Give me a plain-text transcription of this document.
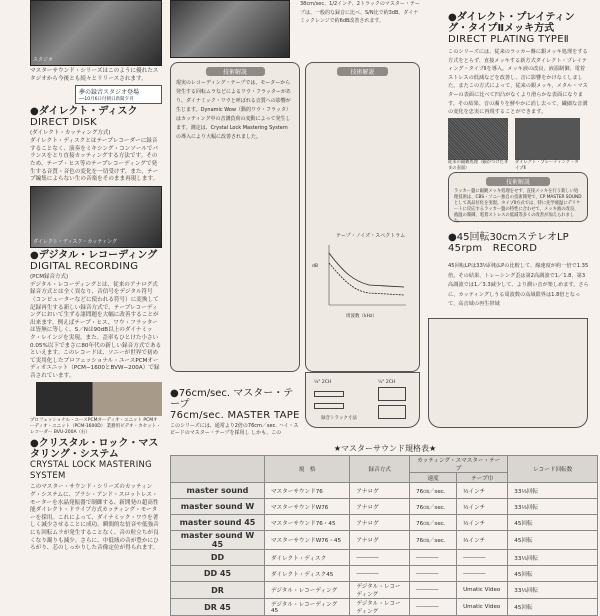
スタジオ
マスターサウンド・シリーズはこのように優れたスタジオから今後とも続々とリリースされます。
夢の録音スタジオ登場
──10月6日付朝日新聞夕刊
●ダイレクト・ディスク
DIRECT DISK
(ダイレクト・カッティング方式)
ダイレクト・ディスクとはテープレコーダーに録音することなく、演奏をミキシング・コンソールでバランスをとり直接カッティングする方法です。そのため、テープ・ヒス等のテープレコーディングで発生する音質・音色の変化を一切受けず、また、テープ編集によらない生の音楽をそのまま再現します。
ダイレクト・ディスク・カッティング
●デジタル・レコーディング
DIGITAL RECORDING
(PCM録音方式)
デジタル・レコーディングとは、従来のアナログ式録音方式とは全く異なり、音信号をデジタル符号（コンピューターなどに使われる符号）に変換して記録再生する新しい録音方式で、テープレコーディングにおいて生ずる諸問題を大幅に改善することが出来ます。例えばテープ・ヒス、ワウ・フラッターは皆無に等しく、S／Nは90dB以上のダイナミック・レインジを実現。また、歪率もひとけた小さい0.05%以下でまさに80年代の新しい録音方式であるといえます。このレコードは、ソニーが世界で初めて実用化したプロフェッショナル・ユースPCMオーディオユニット（PCM−1600とBVW−200A）で録音されています。
プロフェッショナル・ユースPCMオーディオ・ユニット PCMオーディオ・ユニット（PCM-1600D） 業務用ビデオ・カセット・レコーダー BVU-200A（右）
●クリスタル・ロック・マスタリング・システム
CRYSTAL LOCK MASTERING SYSTEM
このマスター・サウンド・シリーズのカッティング・システムに、ブラシ・アンド・スロットレス・モーターを水晶発振器で制御する、新開発の超高性能ダイレクト・ドライブ方式カッティング・モーターを採用。これによって、ダイナミック・ワウを著しく減少させることに成功。瞬間的な倍音や低強音にも回転ムラが発生することなく、音の粒立ちが良くなり濁りも減少。さらに、中低域の音が豊かにひろがり、芯のしっかりした音像定位が得られます。
技術解説
現実のレコーディング・テープでは、モーターから発生する回転ムラなどによるワウ・フラッターがあり、ダイナミック・ワウと呼ばれる音質への影響が生じます。Dynamic Wow（動的ワウ・フラッタ）はカッティング中の音溝負荷の変動によって発生します。測定は、Crystal Lock Mastering System の導入により大幅に改善されました。
38cm/sec、1/2インチ、2トラックのマスター・テープは、一般的な録音に比べ、S/N比で約3dB、ダイナミックレンジで約6dB改善されます。
技術解説
テープ・ノイズ・スペクトラム
周波数（kHz）
dB
¼" 2CH	½" 2CH
録音トラック寸法
●76cm/sec. マスター・テープ
76cm/sec. MASTER TAPE
このシリーズには、通常より2倍の76cm／sec. ハイ・スピードのマスター・テープを採用し しかも、この
●ダイレクト・プレイティング・タイプⅡメッキ方式
DIRECT PLATING TYPEⅡ
このシリーズには、従来のラッカー盤に銀メッキ処理をする方式をとらず、直接メッキする新方式ダイレクト・プレイティング・タイプⅡを導入。メッキ液の改良、液温制御、電着ストレスの低減などを改善し、音に影響をかけなくしました。またこの方式によって、従来の銀メッキ、メタル・マスターの表面に比べて凹凸がなくより滑らかな表面になります。その結果、音の濁りを鮮やかに消し去って、繊細な音溝の変化を忠実に再現することができます。
従来の銀鍍処理（銀がつけたままの表面）
ダイレクト・プレーティング・タイプⅡ
技術解説
ラッカー盤に銀鍍メッキ処理をせず、直接メッキを行う新しい処理技術は、CBS・ソニー独自の技術開発で、CP MASTER SOUNDとして高品位化を実現。タイプⅡ方式では、特に先学液温にデリケートに反応するラッカー盤の特性に合わせて、メッキ液の改良、液温の制御、電着ストレスの低減等多くの改善が加えられました。
●45回転30cmステレオLP
45rpm　RECORD
45回転LPは33⅓回転LPの比較して、線速度が約一倍で1.35倍。その結果、トレーシング歪は第2高調波で1／1.8、第3高調波では1／3.3減少して、より潤い音が楽しめます。さらに、カッティングしうる周波数の高域限界は1.8倍となって、高音域の再生帯域
★マスターサウンド規格表★
	規　格	録音方式	カッティング・スマスター・テープ		レコード回転数
			速度	テープ巾	
master sound	マスターサウンド76	アナログ	76㎝／sec.	½インチ	33⅓回転
master sound W	マスターサウンドW76	アナログ	76㎝／sec.	½インチ	33⅓回転
master sound 45	マスターサウンド76・45	アナログ	76㎝／sec.	½インチ	45回転
master sound W 45	マスターサウンドW76・45	アナログ	76㎝／sec.	½インチ	45回転
DD	ダイレクト・ディスク	――――	――――	――――	33⅓回転
DD 45	ダイレクト・ディスク45	――――	――――	――――	45回転
DR	デジタル・レコーディング	デジタル・レコーディング	――――	Umatic Video	33⅓回転
DR 45	デジタル・レコーディング45	デジタル・レコーディング	――――	Umatic Video	45回転
